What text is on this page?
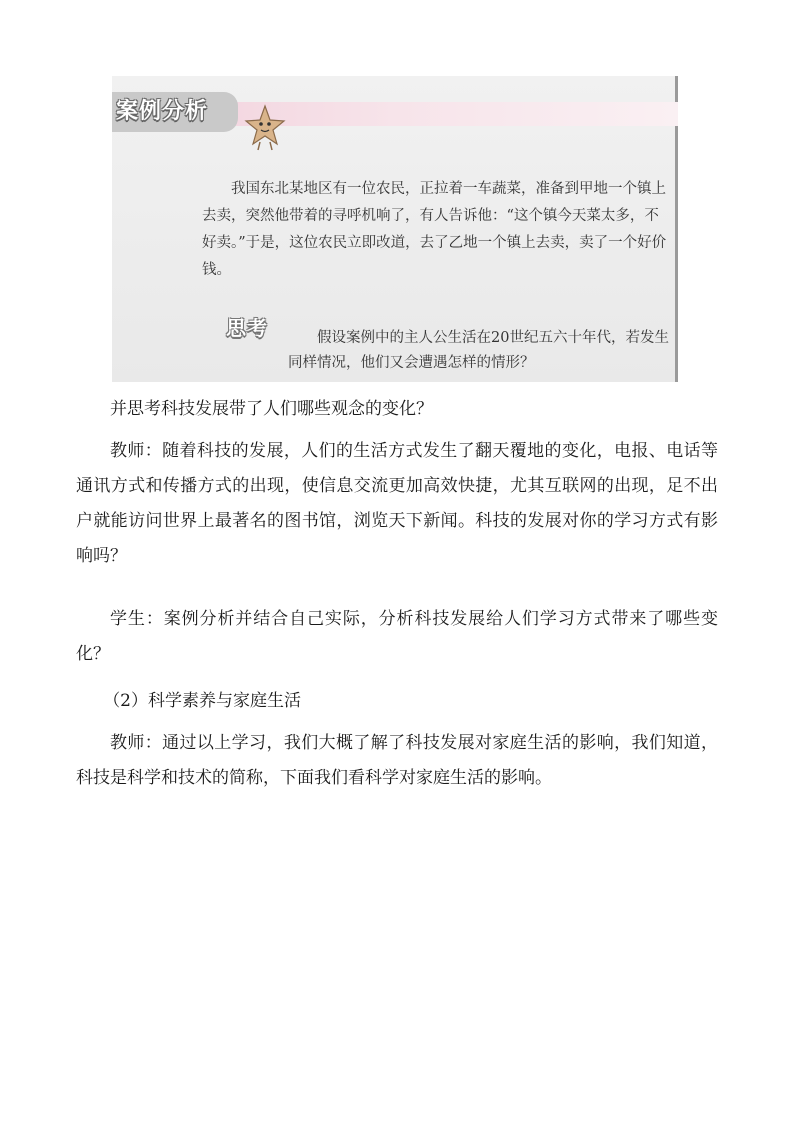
案例分析

我国东北某地区有一位农民，正拉着一车蔬菜，准备到甲地一个镇上去卖，突然他带着的寻呼机响了，有人告诉他：“这个镇今天菜太多，不好卖。”于是，这位农民立即改道，去了乙地一个镇上去卖，卖了一个好价钱。

思考	假设案例中的主人公生活在20世纪五六十年代，若发生同样情况，他们又会遭遇怎样的情形？

并思考科技发展带了人们哪些观念的变化？

教师：随着科技的发展，人们的生活方式发生了翻天覆地的变化，电报、电话等通讯方式和传播方式的出现，使信息交流更加高效快捷，尤其互联网的出现，足不出户就能访问世界上最著名的图书馆，浏览天下新闻。科技的发展对你的学习方式有影响吗？

学生：案例分析并结合自己实际，分析科技发展给人们学习方式带来了哪些变化？

（2）科学素养与家庭生活

教师：通过以上学习，我们大概了解了科技发展对家庭生活的影响，我们知道，科技是科学和技术的简称，下面我们看科学对家庭生活的影响。
